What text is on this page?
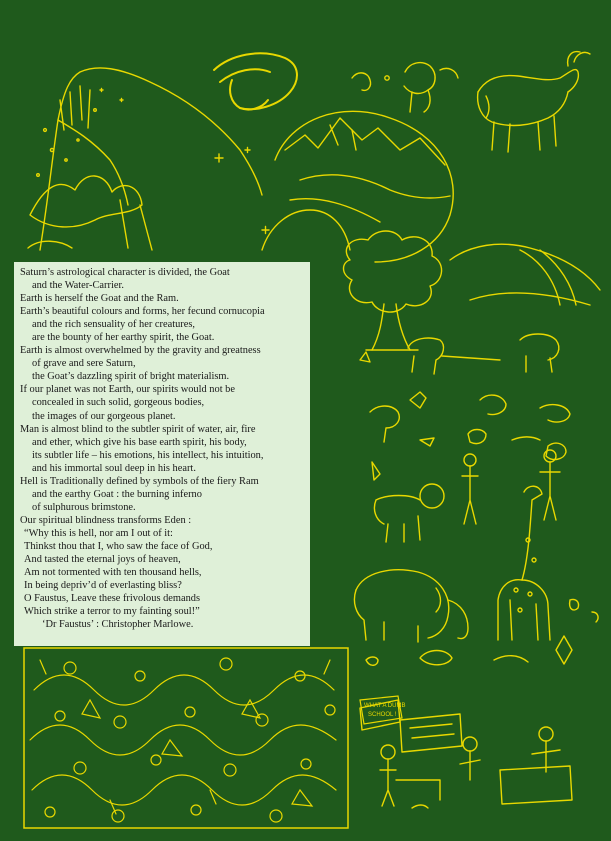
WHAT A DUMB
SCHOOL !
Saturn’s astrological character is divided, the Goat
and the Water-Carrier.
Earth is herself the Goat and the Ram.
Earth’s beautiful colours and forms, her fecund cornucopia
and the rich sensuality of her creatures,
are the bounty of her earthy spirit, the Goat.
Earth is almost overwhelmed by the gravity and greatness
of grave and sere Saturn,
the Goat’s dazzling spirit of bright materialism.
If our planet was not Earth, our spirits would not be
concealed in such solid, gorgeous bodies,
the images of our gorgeous planet.
Man is almost blind to the subtler spirit of water, air, fire
and ether, which give his base earth spirit, his body,
its subtler life – his emotions, his intellect, his intuition,
and his immortal soul deep in his heart.
Hell is Traditionally defined by symbols of the fiery Ram
and the earthy Goat : the burning inferno
of sulphurous brimstone.
Our spiritual blindness transforms Eden :
“Why this is hell, nor am I out of it:
Thinkst thou that I, who saw the face of God,
And tasted the eternal joys of heaven,
Am not tormented with ten thousand hells,
In being depriv’d of everlasting bliss?
O Faustus, Leave these frivolous demands
Which strike a terror to my fainting soul!”
‘Dr Faustus’ : Christopher Marlowe.
